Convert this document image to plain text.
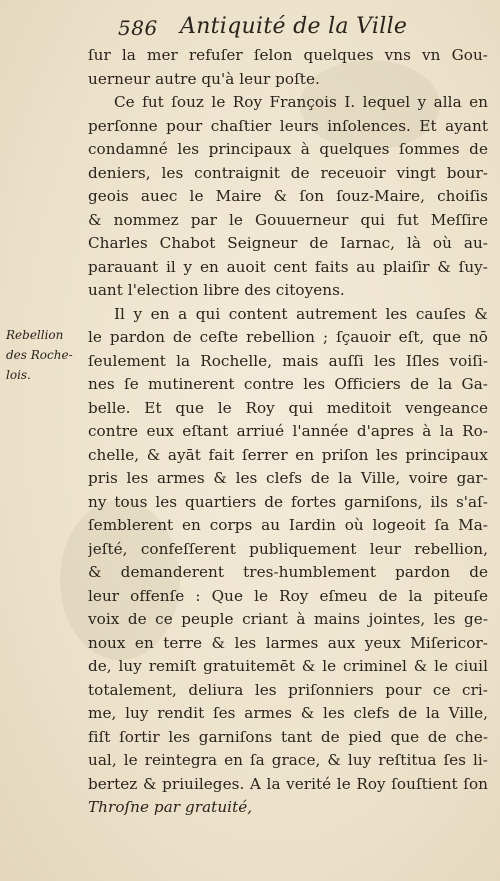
586 Antiquité de la Ville
Rebellion
des Roche-
lois.
ſur la mer refuſer ſelon quelques vns vn Gou-
uerneur autre qu'à leur poſte.
Ce fut ſouz le Roy François I. lequel y alla en
perſonne pour chaſtier leurs inſolences. Et ayant
condamné les principaux à quelques ſommes de
deniers, les contraignit de receuoir vingt bour-
geois auec le Maire & ſon ſouz-Maire, choiſis
& nommez par le Gouuerneur qui fut Meſſire
Charles Chabot Seigneur de Iarnac, là où au-
parauant il y en auoit cent faits au plaiſir & ſuy-
uant l'election libre des citoyens.
Il y en a qui content autrement les cauſes &
le pardon de ceſte rebellion ; ſçauoir eſt, que nō
ſeulement la Rochelle, mais auſſi les Iſles voiſi-
nes ſe mutinerent contre les Officiers de la Ga-
belle. Et que le Roy qui meditoit vengeance
contre eux eſtant arriué l'année d'apres à la Ro-
chelle, & ayāt fait ſerrer en priſon les principaux
pris les armes & les clefs de la Ville, voire gar-
ny tous les quartiers de fortes garniſons, ils s'aſ-
ſemblerent en corps au Iardin où logeoit ſa Ma-
jeſté, confeſſerent publiquement leur rebellion,
& demanderent tres-humblement pardon de
leur offenſe : Que le Roy eſmeu de la piteuſe
voix de ce peuple criant à mains jointes, les ge-
noux en terre & les larmes aux yeux Miſericor-
de, luy remiſt gratuitemēt & le criminel & le ciuil
totalement, deliura les priſonniers pour ce cri-
me, luy rendit ſes armes & les clefs de la Ville,
fiſt ſortir les garniſons tant de pied que de che-
ual, le reintegra en ſa grace, & luy reſtitua ſes li-
bertez & priuileges. A la verité le Roy ſouſtient ſon
Throſne par gratuité,
